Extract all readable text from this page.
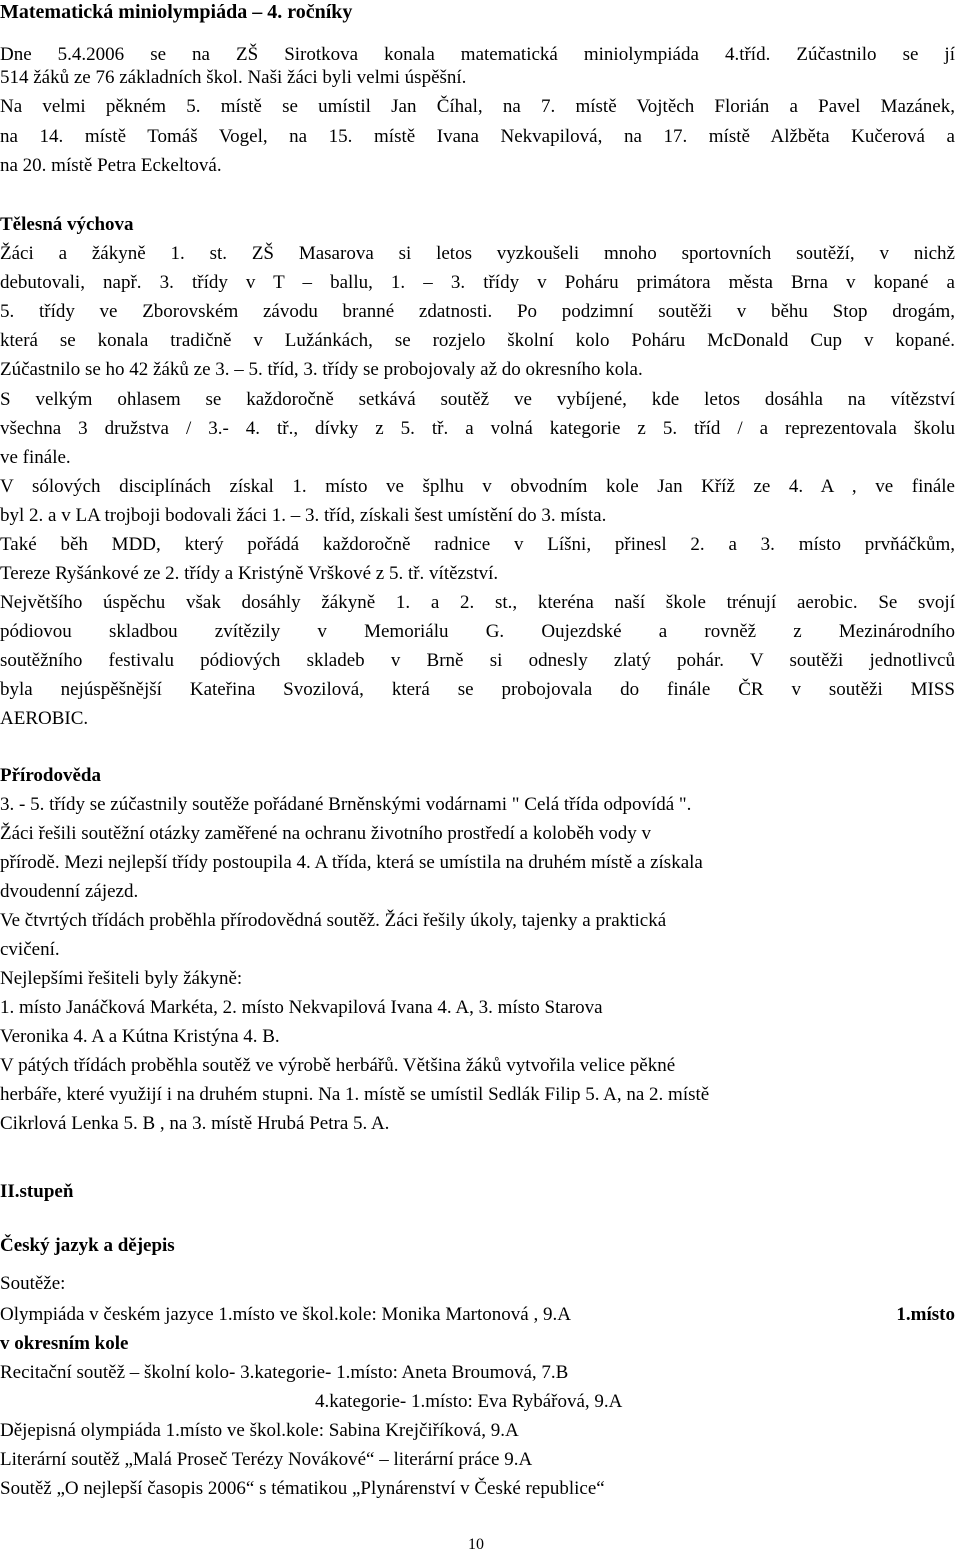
Matematická miniolympiáda – 4. ročníky
Dne 5.4.2006 se na ZŠ Sirotkova konala matematická miniolympiáda 4.tříd. Zúčastnilo se jí
514 žáků ze 76 základních škol. Naši žáci byli velmi úspěšní.
Na velmi pěkném 5. místě se umístil Jan Číhal, na 7. místě Vojtěch Florián a Pavel Mazánek,
na 14. místě Tomáš Vogel, na 15. místě Ivana Nekvapilová, na 17. místě Alžběta Kučerová a
na 20. místě Petra Eckeltová.
Tělesná výchova
Žáci a žákyně 1. st. ZŠ Masarova si letos vyzkoušeli mnoho sportovních soutěží, v nichž
debutovali, např. 3. třídy v T – ballu, 1. – 3. třídy v Poháru primátora města Brna v kopané a
5. třídy ve Zborovském závodu branné zdatnosti. Po podzimní soutěži v běhu Stop drogám,
která se konala tradičně v Lužánkách, se rozjelo školní kolo Poháru McDonald Cup v kopané.
Zúčastnilo se ho 42 žáků ze 3. – 5. tříd, 3. třídy se probojovaly až do okresního kola.
S velkým ohlasem se každoročně setkává soutěž ve vybíjené, kde letos dosáhla na vítězství
všechna 3 družstva / 3.- 4. tř., dívky z 5. tř. a volná kategorie z 5. tříd / a reprezentovala školu
ve finále.
V sólových disciplínách získal 1. místo ve šplhu v obvodním kole Jan Kříž ze 4. A , ve finále
byl 2. a v LA trojboji bodovali žáci 1. – 3. tříd, získali šest umístění do 3. místa.
Také běh MDD, který pořádá každoročně radnice v Líšni, přinesl 2. a 3. místo prvňáčkům,
Tereze Ryšánkové ze 2. třídy a Kristýně Vrškové z 5. tř. vítězství.
Největšího úspěchu však dosáhly žákyně 1. a 2. st., kteréna naší škole trénují aerobic. Se svojí
pódiovou skladbou zvítězily v Memoriálu G. Oujezdské a rovněž z Mezinárodního
soutěžního festivalu pódiových skladeb v Brně si odnesly zlatý pohár. V soutěži jednotlivců
byla nejúspěšnější Kateřina Svozilová, která se probojovala do finále ČR v soutěži MISS
AEROBIC.
Přírodověda
3. - 5. třídy se zúčastnily soutěže pořádané Brněnskými vodárnami " Celá třída odpovídá ".
Žáci řešili soutěžní otázky zaměřené na ochranu životního prostředí a koloběh vody v
přírodě. Mezi nejlepší třídy postoupila 4. A třída, která se umístila na druhém místě a získala
dvoudenní zájezd.
Ve čtvrtých třídách proběhla přírodovědná soutěž. Žáci řešily úkoly, tajenky a praktická
cvičení.
Nejlepšími řešiteli byly žákyně:
1. místo Janáčková Markéta, 2. místo Nekvapilová Ivana 4. A, 3. místo Starova
Veronika 4. A a Kútna Kristýna 4. B.
V pátých třídách proběhla soutěž ve výrobě herbářů. Většina žáků vytvořila velice pěkné
herbáře, které využijí i na druhém stupni. Na 1. místě se umístil Sedlák Filip 5. A, na 2. místě
Cikrlová Lenka 5. B , na 3. místě Hrubá Petra 5. A.
II.stupeň
Český jazyk a dějepis
Soutěže:
Olympiáda v českém jazyce 1.místo ve škol.kole: Monika Martonová , 9.A	1.místo
v okresním kole
Recitační soutěž – školní kolo- 3.kategorie- 1.místo: Aneta Broumová, 7.B
4.kategorie- 1.místo: Eva Rybářová, 9.A
Dějepisná olympiáda 1.místo ve škol.kole: Sabina Krejčiříková, 9.A
Literární soutěž „Malá Proseč Terézy Novákové“ – literární práce 9.A
Soutěž „O nejlepší časopis 2006“ s tématikou „Plynárenství v České republice“
10
